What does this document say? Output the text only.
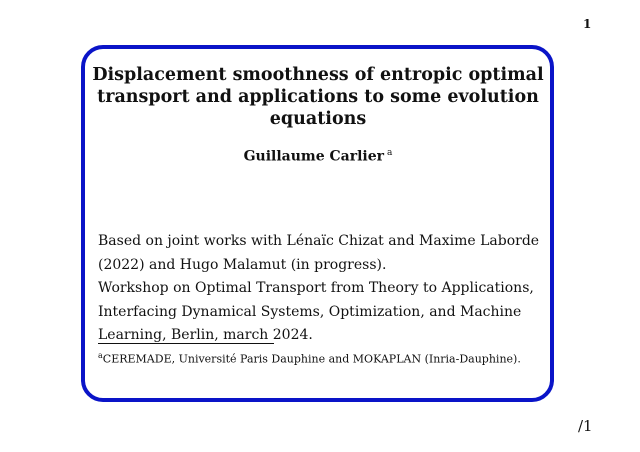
1
Displacement smoothness of entropic optimal
transport and applications to some evolution
equations
Guillaume Carlier $^a$

Based on joint works with Lénaïc Chizat and Maxime Laborde (2022) and Hugo Malamut (in progress).

Workshop on Optimal Transport from Theory to Applications, Interfacing Dynamical Systems, Optimization, and Machine Learning, Berlin, march 2024.

$^a$CEREMADE, Université Paris Dauphine and MOKAPLAN (Inria-Dauphine).
/1
